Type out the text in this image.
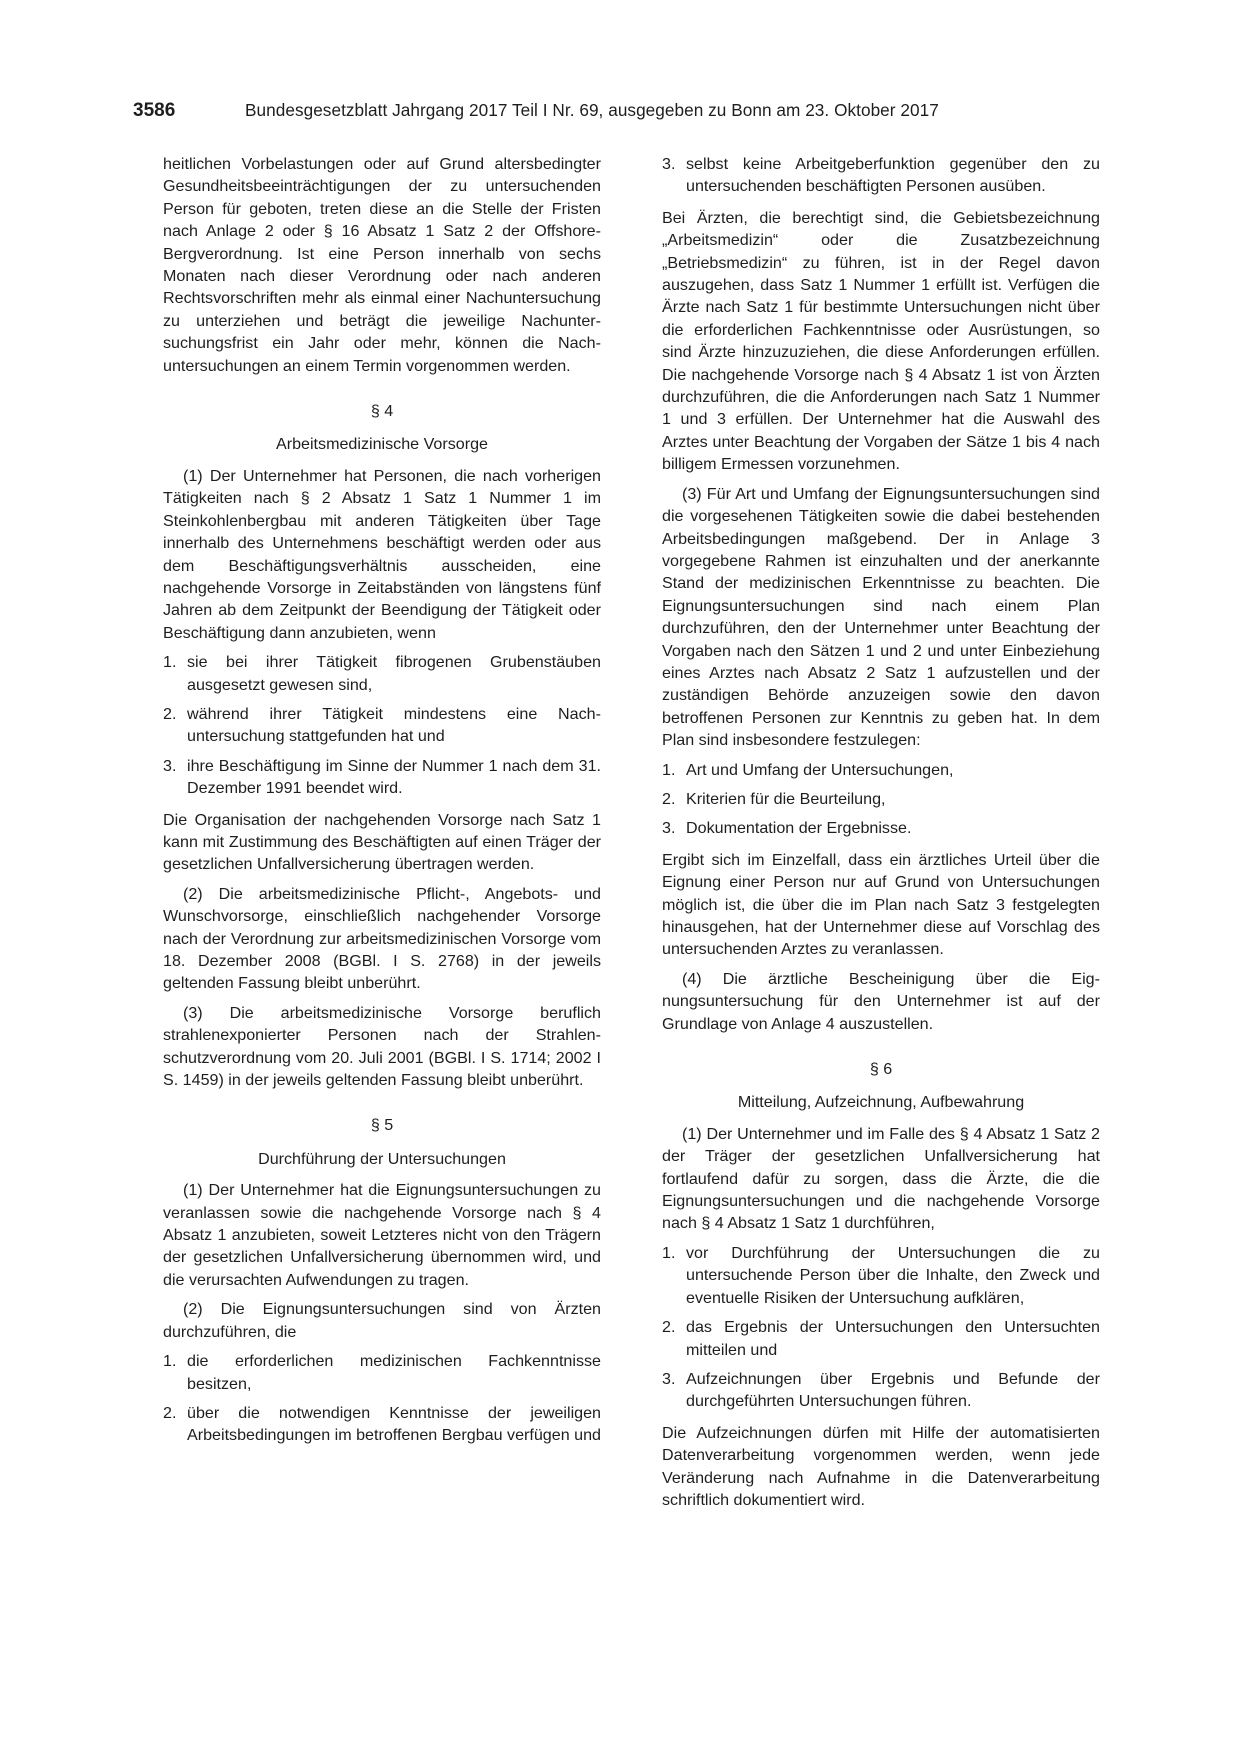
3586	Bundesgesetzblatt Jahrgang 2017 Teil I Nr. 69, ausgegeben zu Bonn am 23. Oktober 2017

heitlichen Vorbelastungen oder auf Grund altersbedingter Gesundheitsbeeinträchtigungen der zu untersuchenden Person für geboten, treten diese an die Stelle der Fristen nach Anlage 2 oder § 16 Absatz 1 Satz 2 der Offshore-Bergverordnung. Ist eine Person innerhalb von sechs Monaten nach dieser Verordnung oder nach anderen Rechtsvorschriften mehr als einmal einer Nachuntersuchung zu unterziehen und beträgt die jeweilige Nachuntersuchungsfrist ein Jahr oder mehr, können die Nachuntersuchungen an einem Termin vorgenommen werden.

§ 4
Arbeitsmedizinische Vorsorge

(1) Der Unternehmer hat Personen, die nach vorherigen Tätigkeiten nach § 2 Absatz 1 Satz 1 Nummer 1 im Steinkohlenbergbau mit anderen Tätigkeiten über Tage innerhalb des Unternehmens beschäftigt werden oder aus dem Beschäftigungsverhältnis ausscheiden, eine nachgehende Vorsorge in Zeitabständen von längstens fünf Jahren ab dem Zeitpunkt der Beendigung der Tätigkeit oder Beschäftigung dann anzubieten, wenn

1. sie bei ihrer Tätigkeit fibrogenen Grubenstäuben ausgesetzt gewesen sind,
2. während ihrer Tätigkeit mindestens eine Nachuntersuchung stattgefunden hat und
3. ihre Beschäftigung im Sinne der Nummer 1 nach dem 31. Dezember 1991 beendet wird.

Die Organisation der nachgehenden Vorsorge nach Satz 1 kann mit Zustimmung des Beschäftigten auf einen Träger der gesetzlichen Unfallversicherung übertragen werden.

(2) Die arbeitsmedizinische Pflicht-, Angebots- und Wunschvorsorge, einschließlich nachgehender Vorsorge nach der Verordnung zur arbeitsmedizinischen Vorsorge vom 18. Dezember 2008 (BGBl. I S. 2768) in der jeweils geltenden Fassung bleibt unberührt.

(3) Die arbeitsmedizinische Vorsorge beruflich strahlenexponierter Personen nach der Strahlenschutzverordnung vom 20. Juli 2001 (BGBl. I S. 1714; 2002 I S. 1459) in der jeweils geltenden Fassung bleibt unberührt.

§ 5
Durchführung der Untersuchungen

(1) Der Unternehmer hat die Eignungsuntersuchungen zu veranlassen sowie die nachgehende Vorsorge nach § 4 Absatz 1 anzubieten, soweit Letzteres nicht von den Trägern der gesetzlichen Unfallversicherung übernommen wird, und die verursachten Aufwendungen zu tragen.

(2) Die Eignungsuntersuchungen sind von Ärzten durchzuführen, die

1. die erforderlichen medizinischen Fachkenntnisse besitzen,
2. über die notwendigen Kenntnisse der jeweiligen Arbeitsbedingungen im betroffenen Bergbau verfügen und
3. selbst keine Arbeitgeberfunktion gegenüber den zu untersuchenden beschäftigten Personen ausüben.

Bei Ärzten, die berechtigt sind, die Gebietsbezeichnung „Arbeitsmedizin“ oder die Zusatzbezeichnung „Betriebsmedizin“ zu führen, ist in der Regel davon auszugehen, dass Satz 1 Nummer 1 erfüllt ist. Verfügen die Ärzte nach Satz 1 für bestimmte Untersuchungen nicht über die erforderlichen Fachkenntnisse oder Ausrüstungen, so sind Ärzte hinzuzuziehen, die diese Anforderungen erfüllen. Die nachgehende Vorsorge nach § 4 Absatz 1 ist von Ärzten durchzuführen, die die Anforderungen nach Satz 1 Nummer 1 und 3 erfüllen. Der Unternehmer hat die Auswahl des Arztes unter Beachtung der Vorgaben der Sätze 1 bis 4 nach billigem Ermessen vorzunehmen.

(3) Für Art und Umfang der Eignungsuntersuchungen sind die vorgesehenen Tätigkeiten sowie die dabei bestehenden Arbeitsbedingungen maßgebend. Der in Anlage 3 vorgegebene Rahmen ist einzuhalten und der anerkannte Stand der medizinischen Erkenntnisse zu beachten. Die Eignungsuntersuchungen sind nach einem Plan durchzuführen, den der Unternehmer unter Beachtung der Vorgaben nach den Sätzen 1 und 2 und unter Einbeziehung eines Arztes nach Absatz 2 Satz 1 aufzustellen und der zuständigen Behörde anzuzeigen sowie den davon betroffenen Personen zur Kenntnis zu geben hat. In dem Plan sind insbesondere festzulegen:

1. Art und Umfang der Untersuchungen,
2. Kriterien für die Beurteilung,
3. Dokumentation der Ergebnisse.

Ergibt sich im Einzelfall, dass ein ärztliches Urteil über die Eignung einer Person nur auf Grund von Untersuchungen möglich ist, die über die im Plan nach Satz 3 festgelegten hinausgehen, hat der Unternehmer diese auf Vorschlag des untersuchenden Arztes zu veranlassen.

(4) Die ärztliche Bescheinigung über die Eignungsuntersuchung für den Unternehmer ist auf der Grundlage von Anlage 4 auszustellen.

§ 6
Mitteilung, Aufzeichnung, Aufbewahrung

(1) Der Unternehmer und im Falle des § 4 Absatz 1 Satz 2 der Träger der gesetzlichen Unfallversicherung hat fortlaufend dafür zu sorgen, dass die Ärzte, die die Eignungsuntersuchungen und die nachgehende Vorsorge nach § 4 Absatz 1 Satz 1 durchführen,

1. vor Durchführung der Untersuchungen die zu untersuchende Person über die Inhalte, den Zweck und eventuelle Risiken der Untersuchung aufklären,
2. das Ergebnis der Untersuchungen den Untersuchten mitteilen und
3. Aufzeichnungen über Ergebnis und Befunde der durchgeführten Untersuchungen führen.

Die Aufzeichnungen dürfen mit Hilfe der automatisierten Datenverarbeitung vorgenommen werden, wenn jede Veränderung nach Aufnahme in die Datenverarbeitung schriftlich dokumentiert wird.
